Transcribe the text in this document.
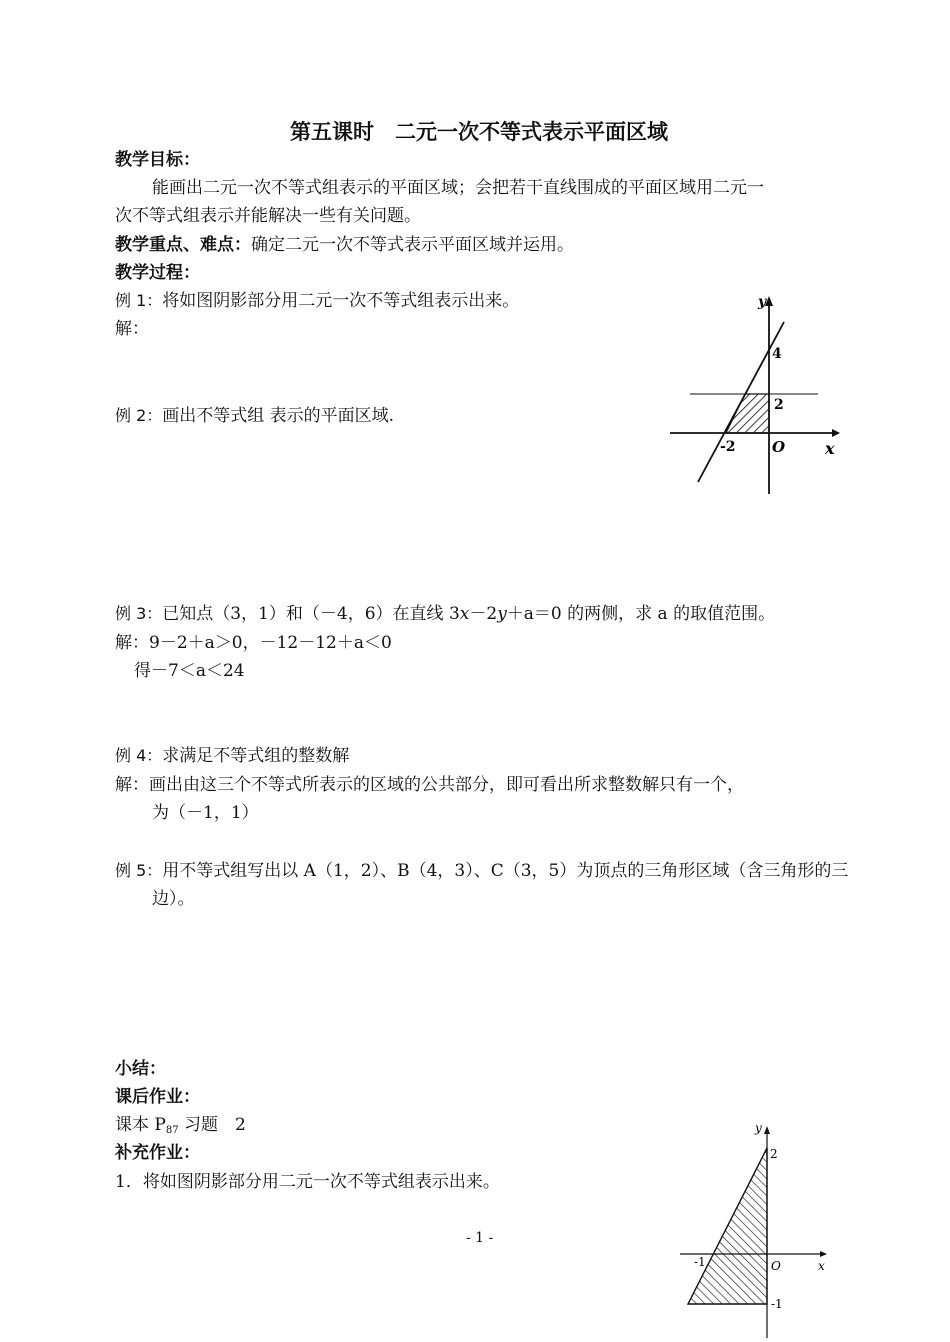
第五课时　二元一次不等式表示平面区域
教学目标：
能画出二元一次不等式组表示的平面区域；会把若干直线围成的平面区域用二元一
次不等式组表示并能解决一些有关问题。
教学重点、难点：确定二元一次不等式表示平面区域并运用。
教学过程：
例 1：将如图阴影部分用二元一次不等式组表示出来。
解：
例 2：画出不等式组 表示的平面区域.
y
x
O
4
2
-2
例 3：已知点（3，1）和（－4，6）在直线 3x－2y＋a＝0 的两侧，求 a 的取值范围。
解：9－2＋a＞0，－12－12＋a＜0
得－7＜a＜24
例 4：求满足不等式组的整数解
解：画出由这三个不等式所表示的区域的公共部分，即可看出所求整数解只有一个，
为（－1，1）
例 5：用不等式组写出以 A（1，2）、B（4，3）、C（3，5）为顶点的三角形区域（含三角形的三
边）。
小结：
课后作业：
课本 $P_{87}$ 习题　2
补充作业：
1．将如图阴影部分用二元一次不等式组表示出来。
- 1 -
y
x
O
2
-1
-1
